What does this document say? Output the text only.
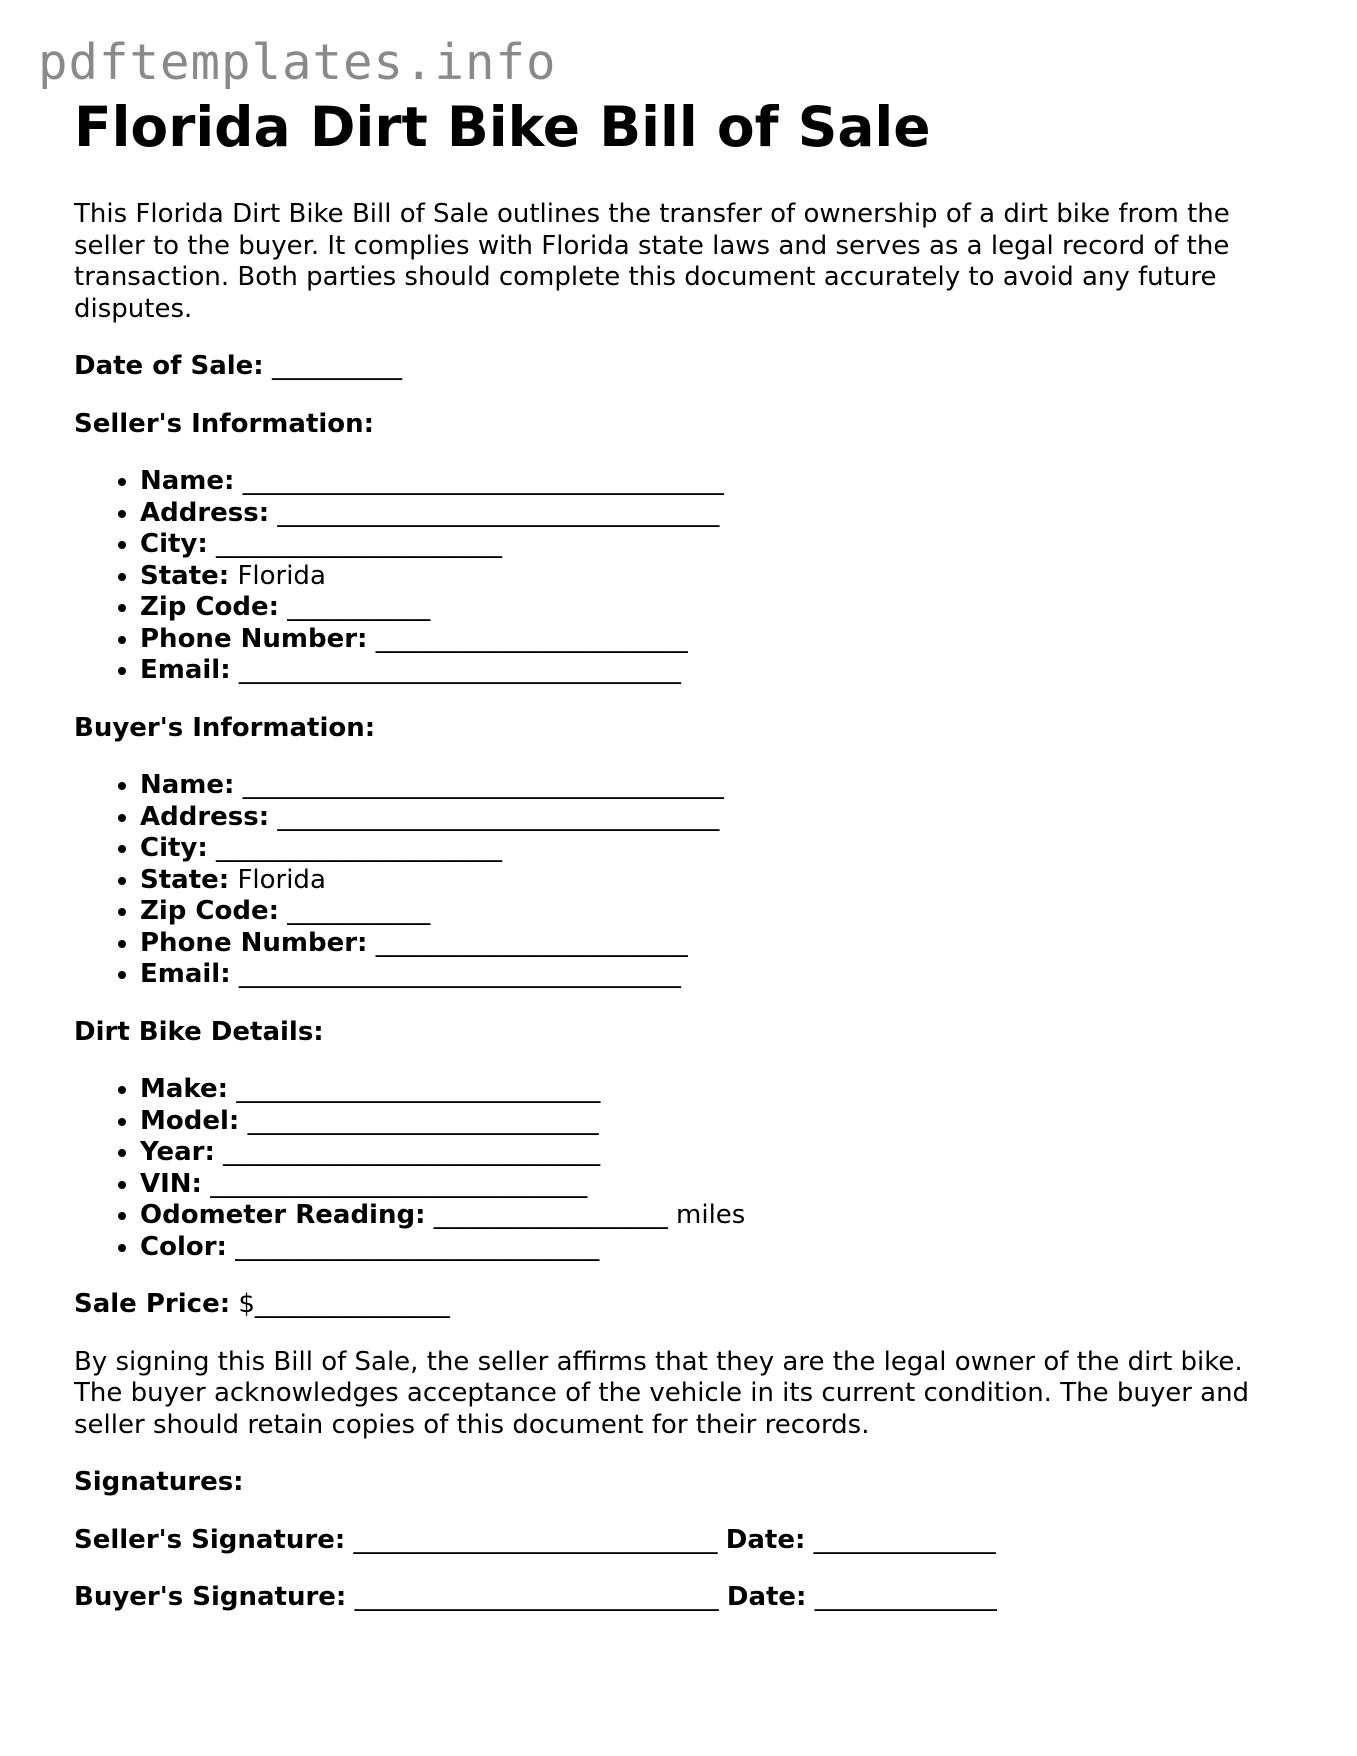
pdftemplates.info
Florida Dirt Bike Bill of Sale

This Florida Dirt Bike Bill of Sale outlines the transfer of ownership of a dirt bike from the seller to the buyer. It complies with Florida state laws and serves as a legal record of the transaction. Both parties should complete this document accurately to avoid any future disputes.

Date of Sale: __________
Seller's Information:
• Name: _____________________________________
• Address: __________________________________
• City: ______________________
• State: Florida
• Zip Code: ___________
• Phone Number: ________________________
• Email: __________________________________
Buyer's Information:
• Name: _____________________________________
• Address: __________________________________
• City: ______________________
• State: Florida
• Zip Code: ___________
• Phone Number: ________________________
• Email: __________________________________
Dirt Bike Details:
• Make: ____________________________
• Model: ___________________________
• Year: _____________________________
• VIN: _____________________________
• Odometer Reading: __________________ miles
• Color: ____________________________
Sale Price: $_______________

By signing this Bill of Sale, the seller affirms that they are the legal owner of the dirt bike. The buyer acknowledges acceptance of the vehicle in its current condition. The buyer and seller should retain copies of this document for their records.

Signatures:
Seller's Signature: ____________________________ Date: ______________
Buyer's Signature: ____________________________ Date: ______________
